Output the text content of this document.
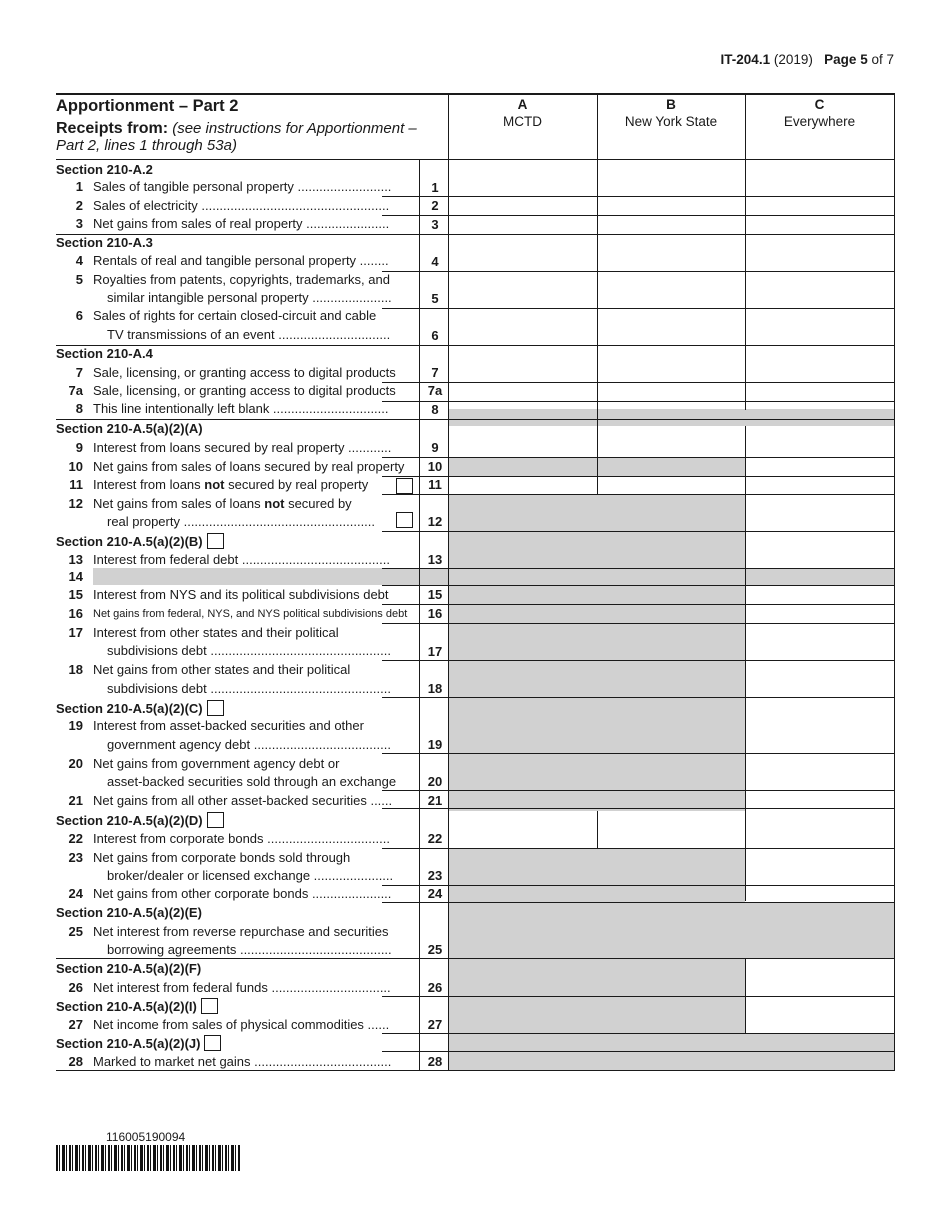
IT-204.1 (2019) Page 5 of 7
Apportionment – Part 2
Receipts from: (see instructions for Apportionment – Part 2, lines 1 through 53a)
A
MCTD
B
New York State
C
Everywhere
Section 210-A.2
Section 210-A.3
Section 210-A.4
Section 210-A.5(a)(2)(A)
Section 210-A.5(a)(2)(B)
Section 210-A.5(a)(2)(C)
Section 210-A.5(a)(2)(D)
Section 210-A.5(a)(2)(E)
Section 210-A.5(a)(2)(F)
Section 210-A.5(a)(2)(I)
Section 210-A.5(a)(2)(J)
1 Sales of tangible personal property ..........................	1
2 Sales of electricity ....................................................	2
3 Net gains from sales of real property .......................	3
4 Rentals of real and tangible personal property ........	4
5 Royalties from patents, copyrights, trademarks, and
similar intangible personal property ......................	5
6 Sales of rights for certain closed-circuit and cable
TV transmissions of an event ...............................	6
7 Sale, licensing, or granting access to digital products	7
7a Sale, licensing, or granting access to digital products	7a
8 This line intentionally left blank ................................	8
9 Interest from loans secured by real property ............	9
10 Net gains from sales of loans secured by real property	10
11 Interest from loans not secured by real property	11
12 Net gains from sales of loans not secured by
real property .....................................................	12
13 Interest from federal debt .........................................	13
14
15 Interest from NYS and its political subdivisions debt	15
16 Net gains from federal, NYS, and NYS political subdivisions debt	16
17 Interest from other states and their political
subdivisions debt ..................................................	17
18 Net gains from other states and their political
subdivisions debt ..................................................	18
19 Interest from asset-backed securities and other
government agency debt ......................................	19
20 Net gains from government agency debt or
asset-backed securities sold through an exchange	20
21 Net gains from all other asset-backed securities ......	21
22 Interest from corporate bonds ..................................	22
23 Net gains from corporate bonds sold through
broker/dealer or licensed exchange ......................	23
24 Net gains from other corporate bonds ......................	24
25 Net interest from reverse repurchase and securities
borrowing agreements ..........................................	25
26 Net interest from federal funds .................................	26
27 Net income from sales of physical commodities ......	27
28 Marked to market net gains ......................................	28
116005190094
